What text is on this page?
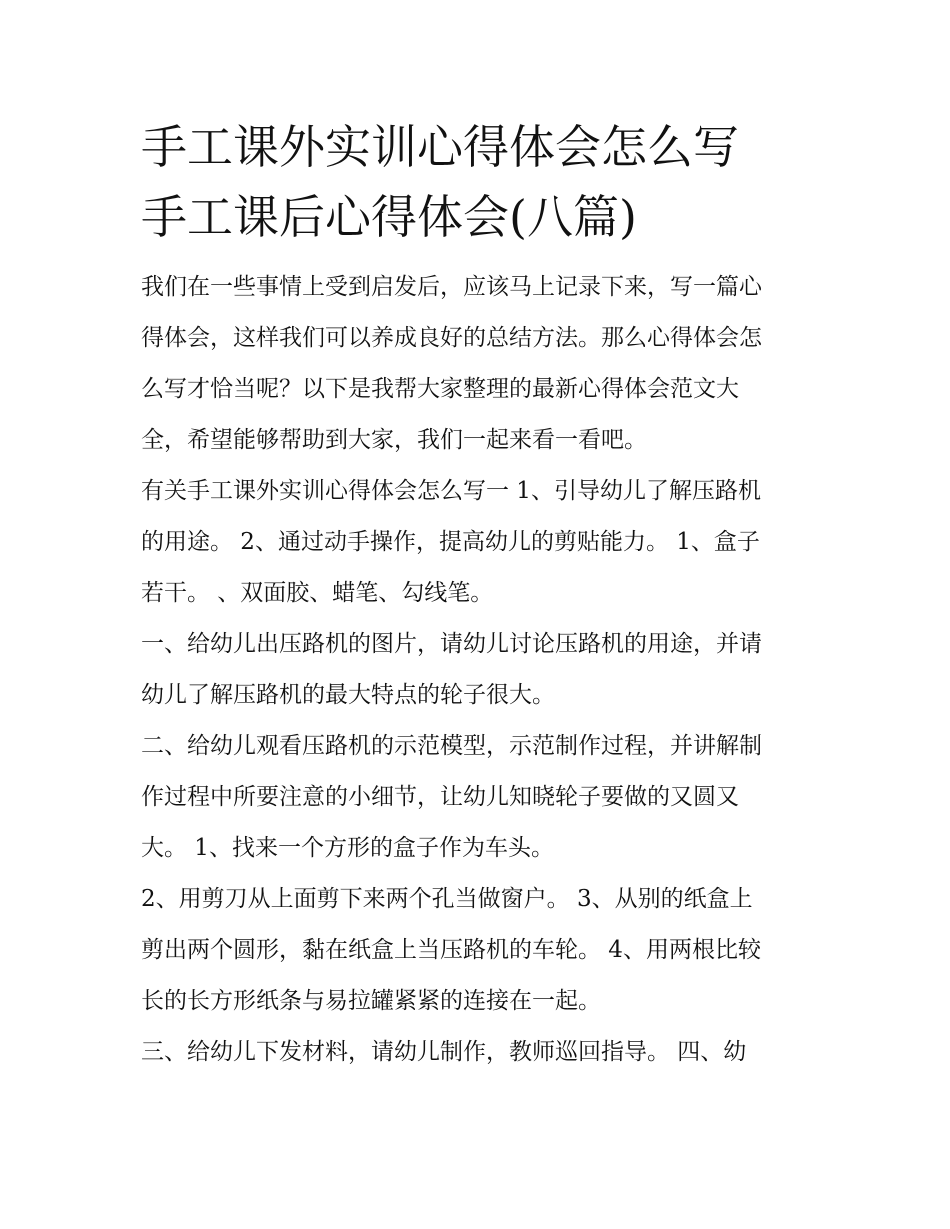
手工课外实训心得体会怎么写
手工课后心得体会(八篇)

我们在一些事情上受到启发后，应该马上记录下来，写一篇心
得体会，这样我们可以养成良好的总结方法。那么心得体会怎
么写才恰当呢？以下是我帮大家整理的最新心得体会范文大
全，希望能够帮助到大家，我们一起来看一看吧。

有关手工课外实训心得体会怎么写一 1、引导幼儿了解压路机
的用途。 2、通过动手操作，提高幼儿的剪贴能力。 1、盒子
若干。 、双面胶、蜡笔、勾线笔。

一、给幼儿出压路机的图片，请幼儿讨论压路机的用途，并请
幼儿了解压路机的最大特点的轮子很大。

二、给幼儿观看压路机的示范模型，示范制作过程，并讲解制
作过程中所要注意的小细节，让幼儿知晓轮子要做的又圆又
大。 1、找来一个方形的盒子作为车头。

2、用剪刀从上面剪下来两个孔当做窗户。 3、从别的纸盒上
剪出两个圆形，黏在纸盒上当压路机的车轮。 4、用两根比较
长的长方形纸条与易拉罐紧紧的连接在一起。

三、给幼儿下发材料，请幼儿制作，教师巡回指导。 四、幼
